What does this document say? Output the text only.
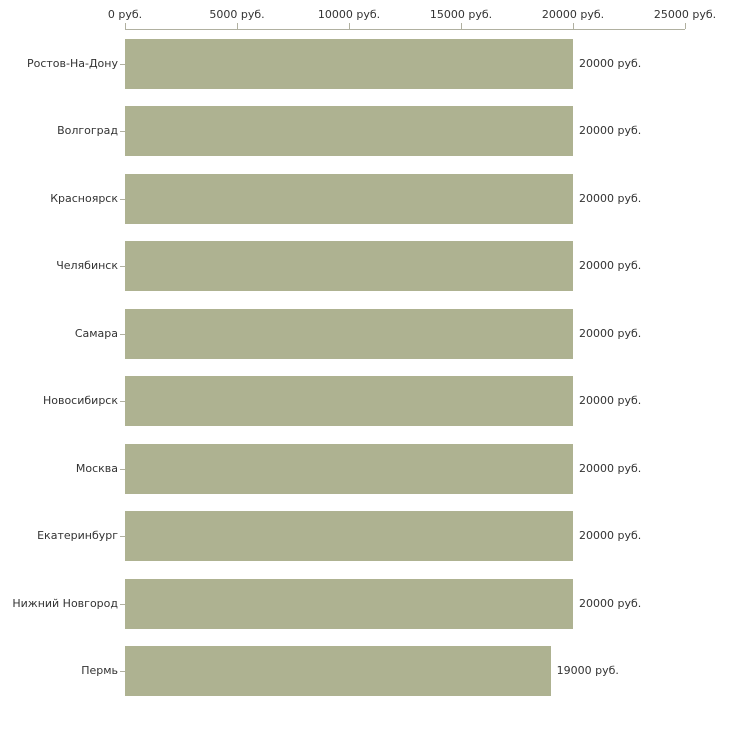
0 руб.	5000 руб.	10000 руб.	15000 руб.	20000 руб.	25000 руб.
Ростов-На-Дону	20000 руб.
Волгоград	20000 руб.
Красноярск	20000 руб.
Челябинск	20000 руб.
Самара	20000 руб.
Новосибирск	20000 руб.
Москва	20000 руб.
Екатеринбург	20000 руб.
Нижний Новгород	20000 руб.
Пермь	19000 руб.
